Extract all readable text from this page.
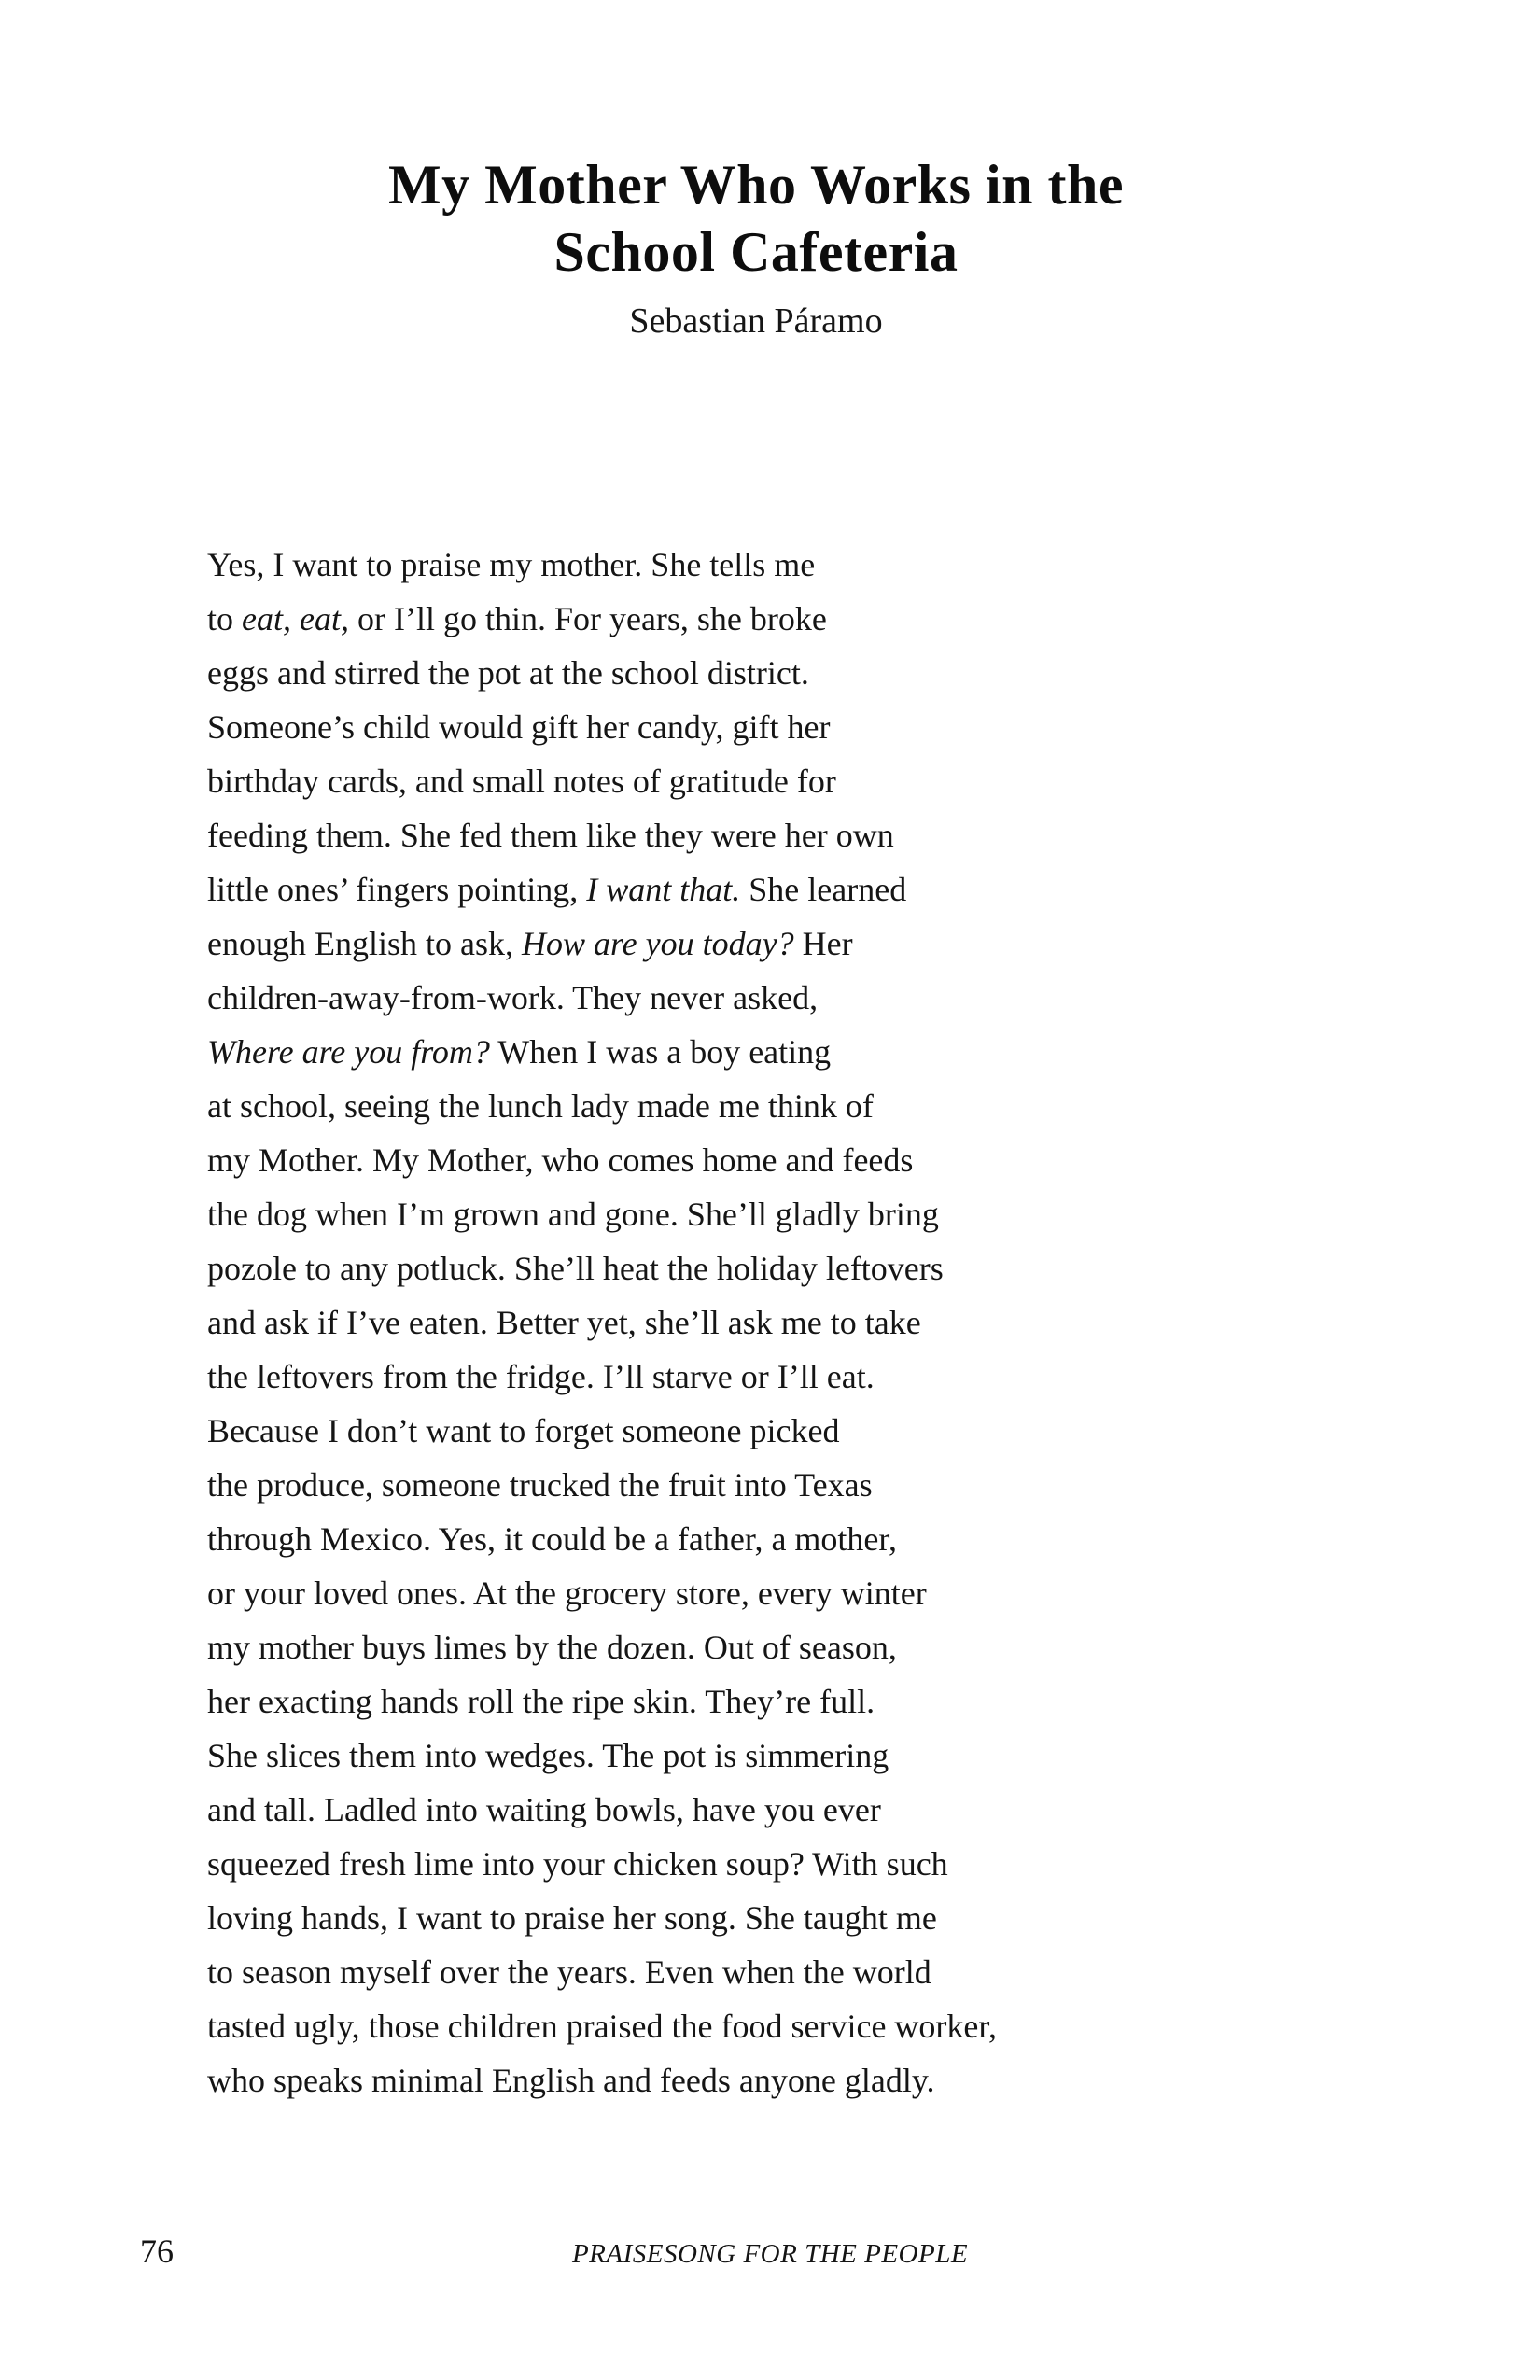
My Mother Who Works in the
School Cafeteria
Sebastian Páramo
Yes, I want to praise my mother. She tells me
to eat, eat, or I’ll go thin. For years, she broke
eggs and stirred the pot at the school district.
Someone’s child would gift her candy, gift her
birthday cards, and small notes of gratitude for
feeding them. She fed them like they were her own
little ones’ fingers pointing, I want that. She learned
enough English to ask, How are you today? Her
children-away-from-work. They never asked,
Where are you from? When I was a boy eating
at school, seeing the lunch lady made me think of
my Mother. My Mother, who comes home and feeds
the dog when I’m grown and gone. She’ll gladly bring
pozole to any potluck. She’ll heat the holiday leftovers
and ask if I’ve eaten. Better yet, she’ll ask me to take
the leftovers from the fridge. I’ll starve or I’ll eat.
Because I don’t want to forget someone picked
the produce, someone trucked the fruit into Texas
through Mexico. Yes, it could be a father, a mother,
or your loved ones. At the grocery store, every winter
my mother buys limes by the dozen. Out of season,
her exacting hands roll the ripe skin. They’re full.
She slices them into wedges. The pot is simmering
and tall. Ladled into waiting bowls, have you ever
squeezed fresh lime into your chicken soup? With such
loving hands, I want to praise her song. She taught me
to season myself over the years. Even when the world
tasted ugly, those children praised the food service worker,
who speaks minimal English and feeds anyone gladly.
76	PRAISESONG FOR THE PEOPLE
